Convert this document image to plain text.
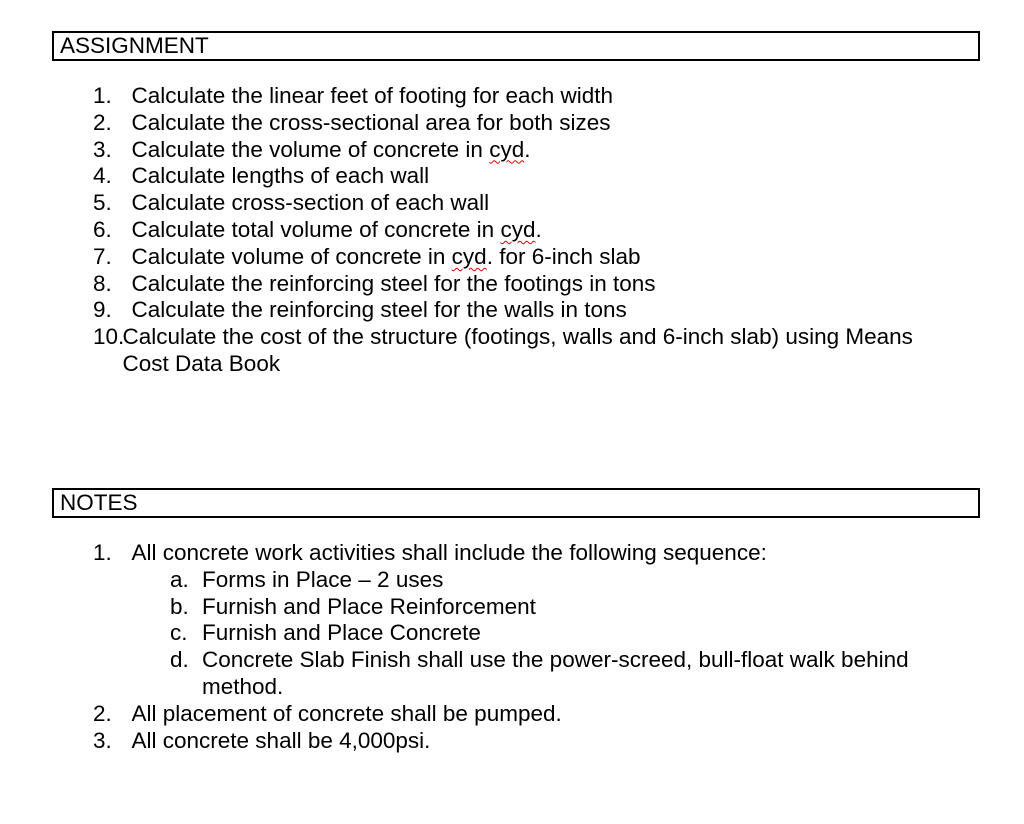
ASSIGNMENT
1. Calculate the linear feet of footing for each width
2. Calculate the cross-sectional area for both sizes
3. Calculate the volume of concrete in cyd.
4. Calculate lengths of each wall
5. Calculate cross-section of each wall
6. Calculate total volume of concrete in cyd.
7. Calculate volume of concrete in cyd. for 6-inch slab
8. Calculate the reinforcing steel for the footings in tons
9. Calculate the reinforcing steel for the walls in tons
10.
Calculate the cost of the structure (footings, walls and 6-inch slab) using Means
Cost Data Book
NOTES
1. All concrete work activities shall include the following sequence:
a. Forms in Place – 2 uses
b. Furnish and Place Reinforcement
c. Furnish and Place Concrete
d. Concrete Slab Finish shall use the power-screed, bull-float walk behind
method.
2. All placement of concrete shall be pumped.
3. All concrete shall be 4,000psi.
